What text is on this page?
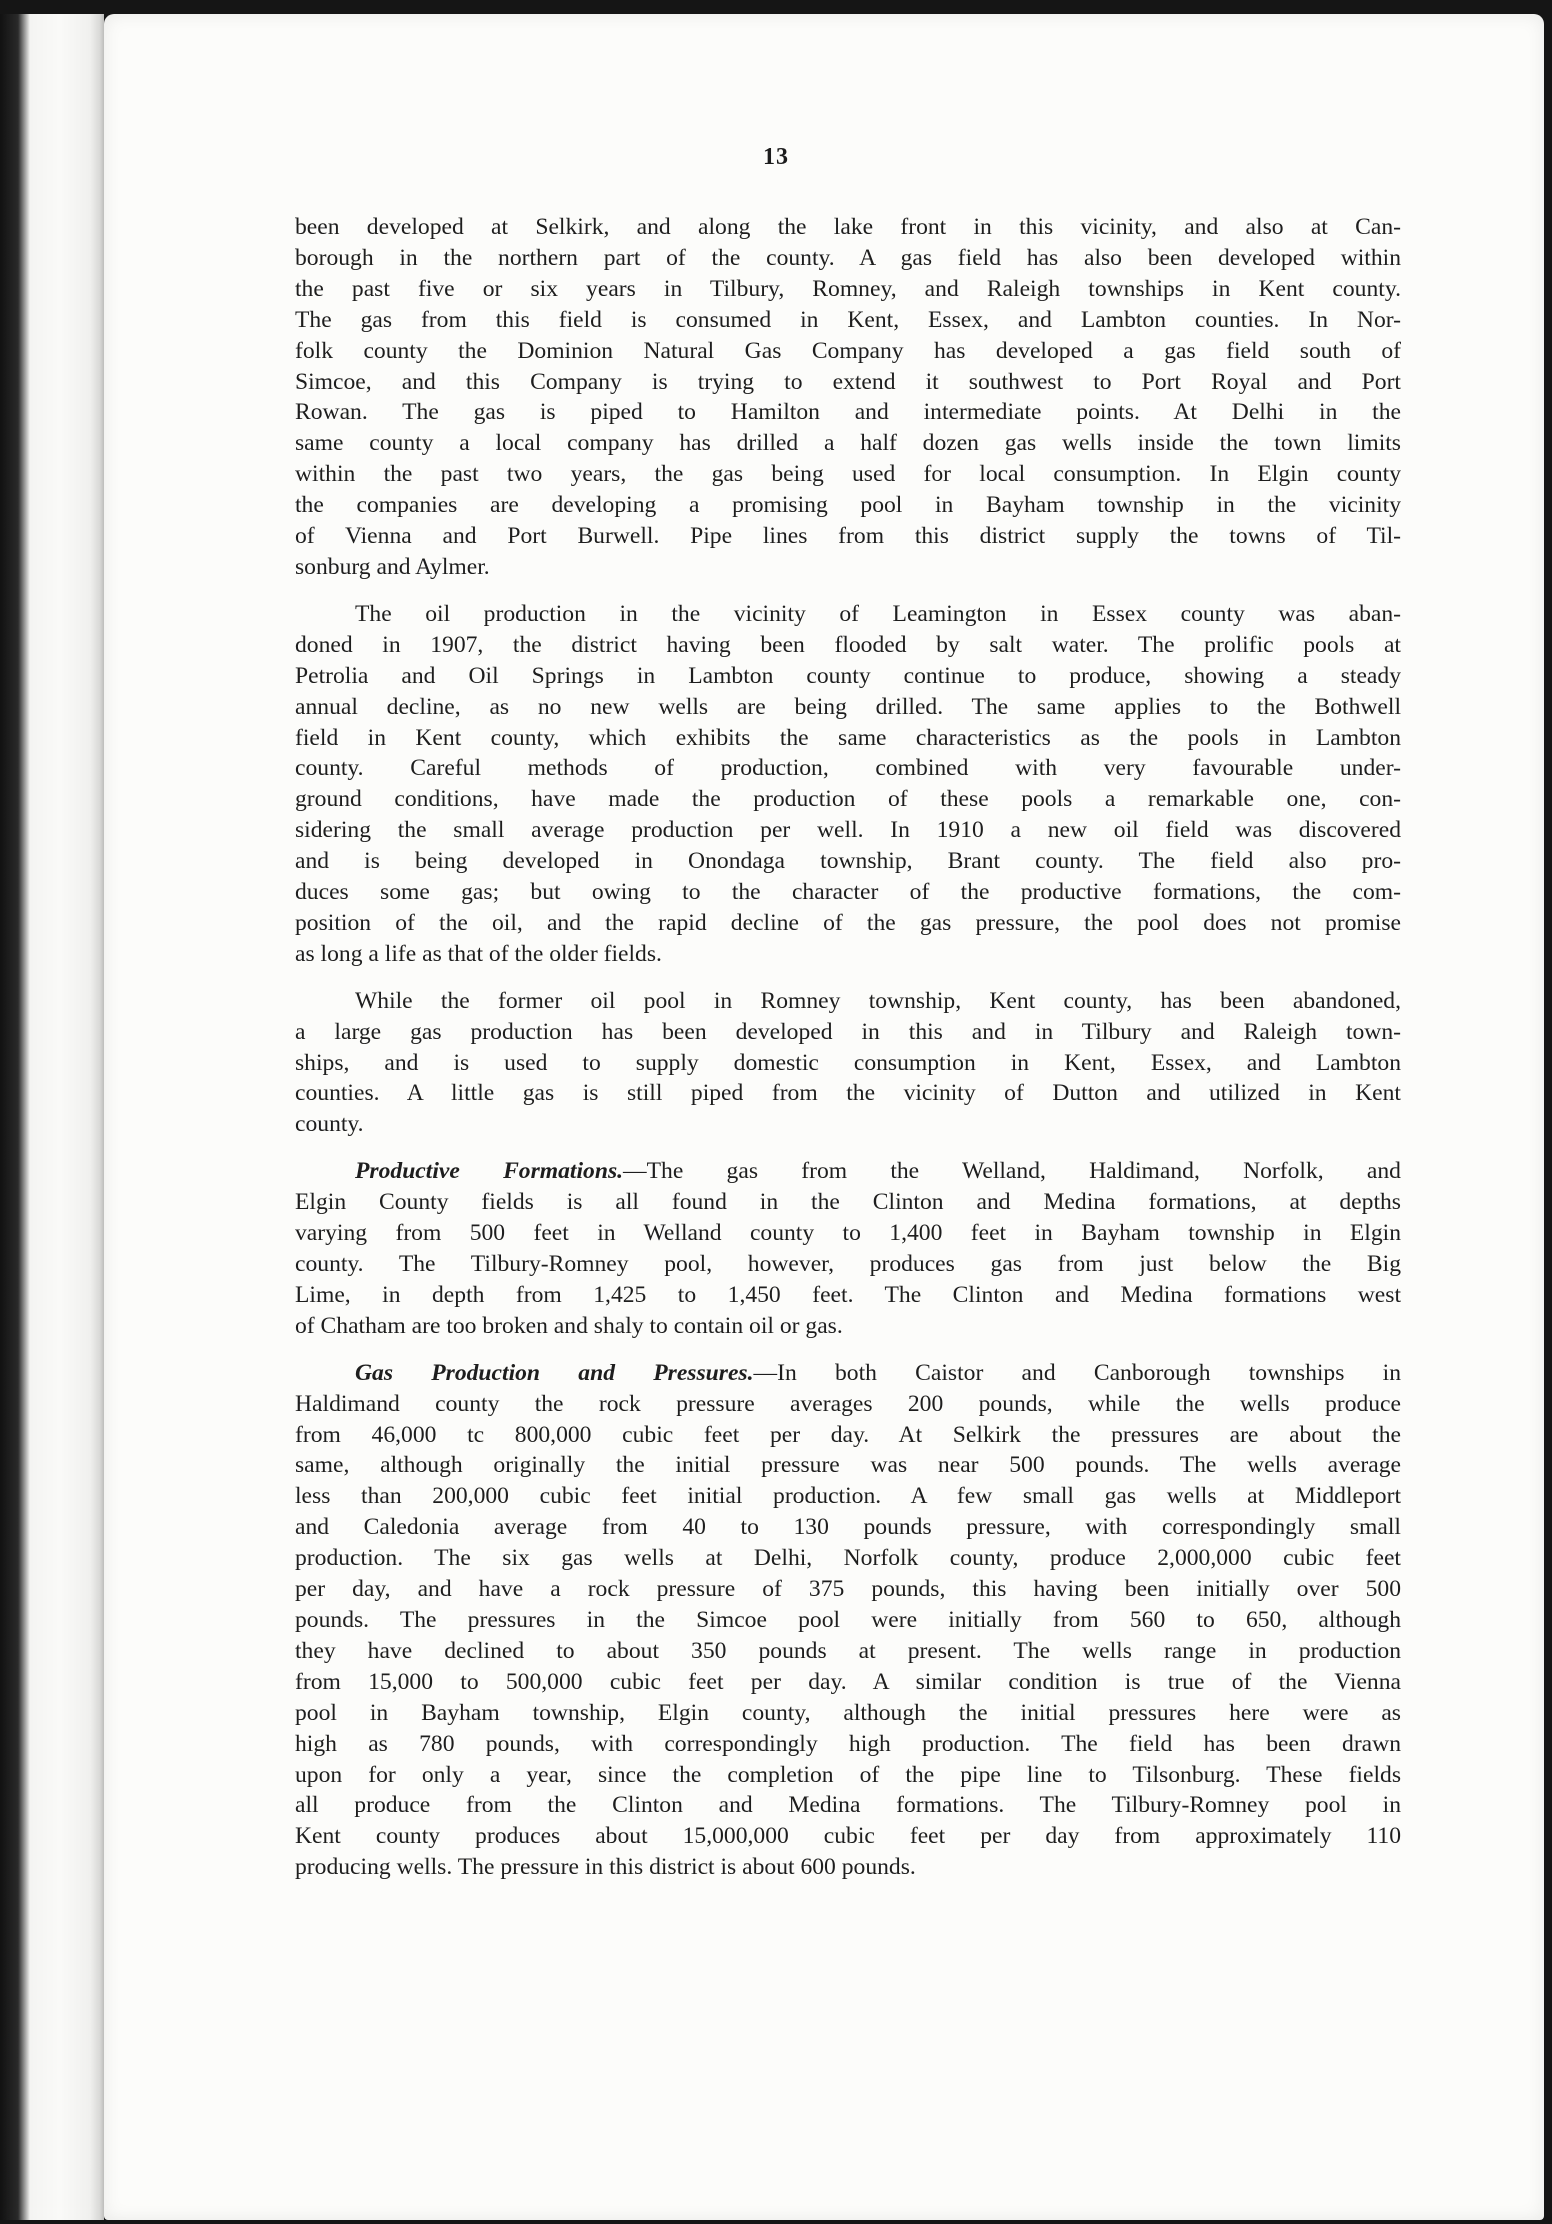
13

been developed at Selkirk, and along the lake front in this vicinity, and also at Can-
borough in the northern part of the county. A gas field has also been developed within
the past five or six years in Tilbury, Romney, and Raleigh townships in Kent county.
The gas from this field is consumed in Kent, Essex, and Lambton counties. In Nor-
folk county the Dominion Natural Gas Company has developed a gas field south of
Simcoe, and this Company is trying to extend it southwest to Port Royal and Port
Rowan. The gas is piped to Hamilton and intermediate points. At Delhi in the
same county a local company has drilled a half dozen gas wells inside the town limits
within the past two years, the gas being used for local consumption. In Elgin county
the companies are developing a promising pool in Bayham township in the vicinity
of Vienna and Port Burwell. Pipe lines from this district supply the towns of Til-
sonburg and Aylmer.

The oil production in the vicinity of Leamington in Essex county was aban-
doned in 1907, the district having been flooded by salt water. The prolific pools at
Petrolia and Oil Springs in Lambton county continue to produce, showing a steady
annual decline, as no new wells are being drilled. The same applies to the Bothwell
field in Kent county, which exhibits the same characteristics as the pools in Lambton
county. Careful methods of production, combined with very favourable under-
ground conditions, have made the production of these pools a remarkable one, con-
sidering the small average production per well. In 1910 a new oil field was discovered
and is being developed in Onondaga township, Brant county. The field also pro-
duces some gas; but owing to the character of the productive formations, the com-
position of the oil, and the rapid decline of the gas pressure, the pool does not promise
as long a life as that of the older fields.

While the former oil pool in Romney township, Kent county, has been abandoned,
a large gas production has been developed in this and in Tilbury and Raleigh town-
ships, and is used to supply domestic consumption in Kent, Essex, and Lambton
counties. A little gas is still piped from the vicinity of Dutton and utilized in Kent
county.

Productive Formations.—The gas from the Welland, Haldimand, Norfolk, and
Elgin County fields is all found in the Clinton and Medina formations, at depths
varying from 500 feet in Welland county to 1,400 feet in Bayham township in Elgin
county. The Tilbury-Romney pool, however, produces gas from just below the Big
Lime, in depth from 1,425 to 1,450 feet. The Clinton and Medina formations west
of Chatham are too broken and shaly to contain oil or gas.

Gas Production and Pressures.—In both Caistor and Canborough townships in
Haldimand county the rock pressure averages 200 pounds, while the wells produce
from 46,000 tc 800,000 cubic feet per day. At Selkirk the pressures are about the
same, although originally the initial pressure was near 500 pounds. The wells average
less than 200,000 cubic feet initial production. A few small gas wells at Middleport
and Caledonia average from 40 to 130 pounds pressure, with correspondingly small
production. The six gas wells at Delhi, Norfolk county, produce 2,000,000 cubic feet
per day, and have a rock pressure of 375 pounds, this having been initially over 500
pounds. The pressures in the Simcoe pool were initially from 560 to 650, although
they have declined to about 350 pounds at present. The wells range in production
from 15,000 to 500,000 cubic feet per day. A similar condition is true of the Vienna
pool in Bayham township, Elgin county, although the initial pressures here were as
high as 780 pounds, with correspondingly high production. The field has been drawn
upon for only a year, since the completion of the pipe line to Tilsonburg. These fields
all produce from the Clinton and Medina formations. The Tilbury-Romney pool in
Kent county produces about 15,000,000 cubic feet per day from approximately 110
producing wells. The pressure in this district is about 600 pounds.
